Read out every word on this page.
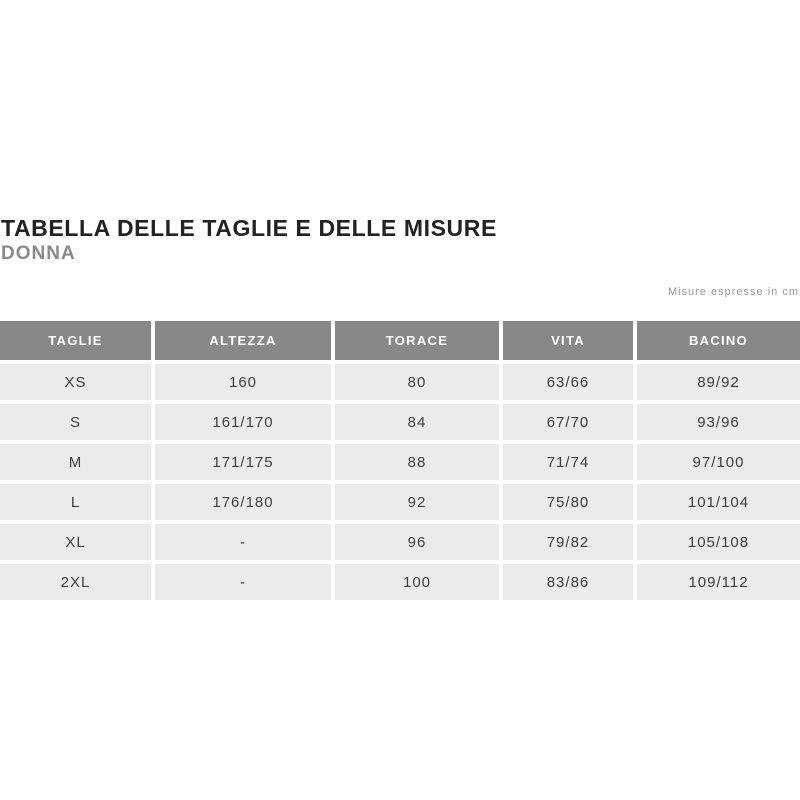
TABELLA DELLE TAGLIE E DELLE MISURE
DONNA
Misure espresse in cm
TAGLIE	ALTEZZA	TORACE	VITA	BACINO
XS	160	80	63/66	89/92
S	161/170	84	67/70	93/96
M	171/175	88	71/74	97/100
L	176/180	92	75/80	101/104
XL	-	96	79/82	105/108
2XL	-	100	83/86	109/112
